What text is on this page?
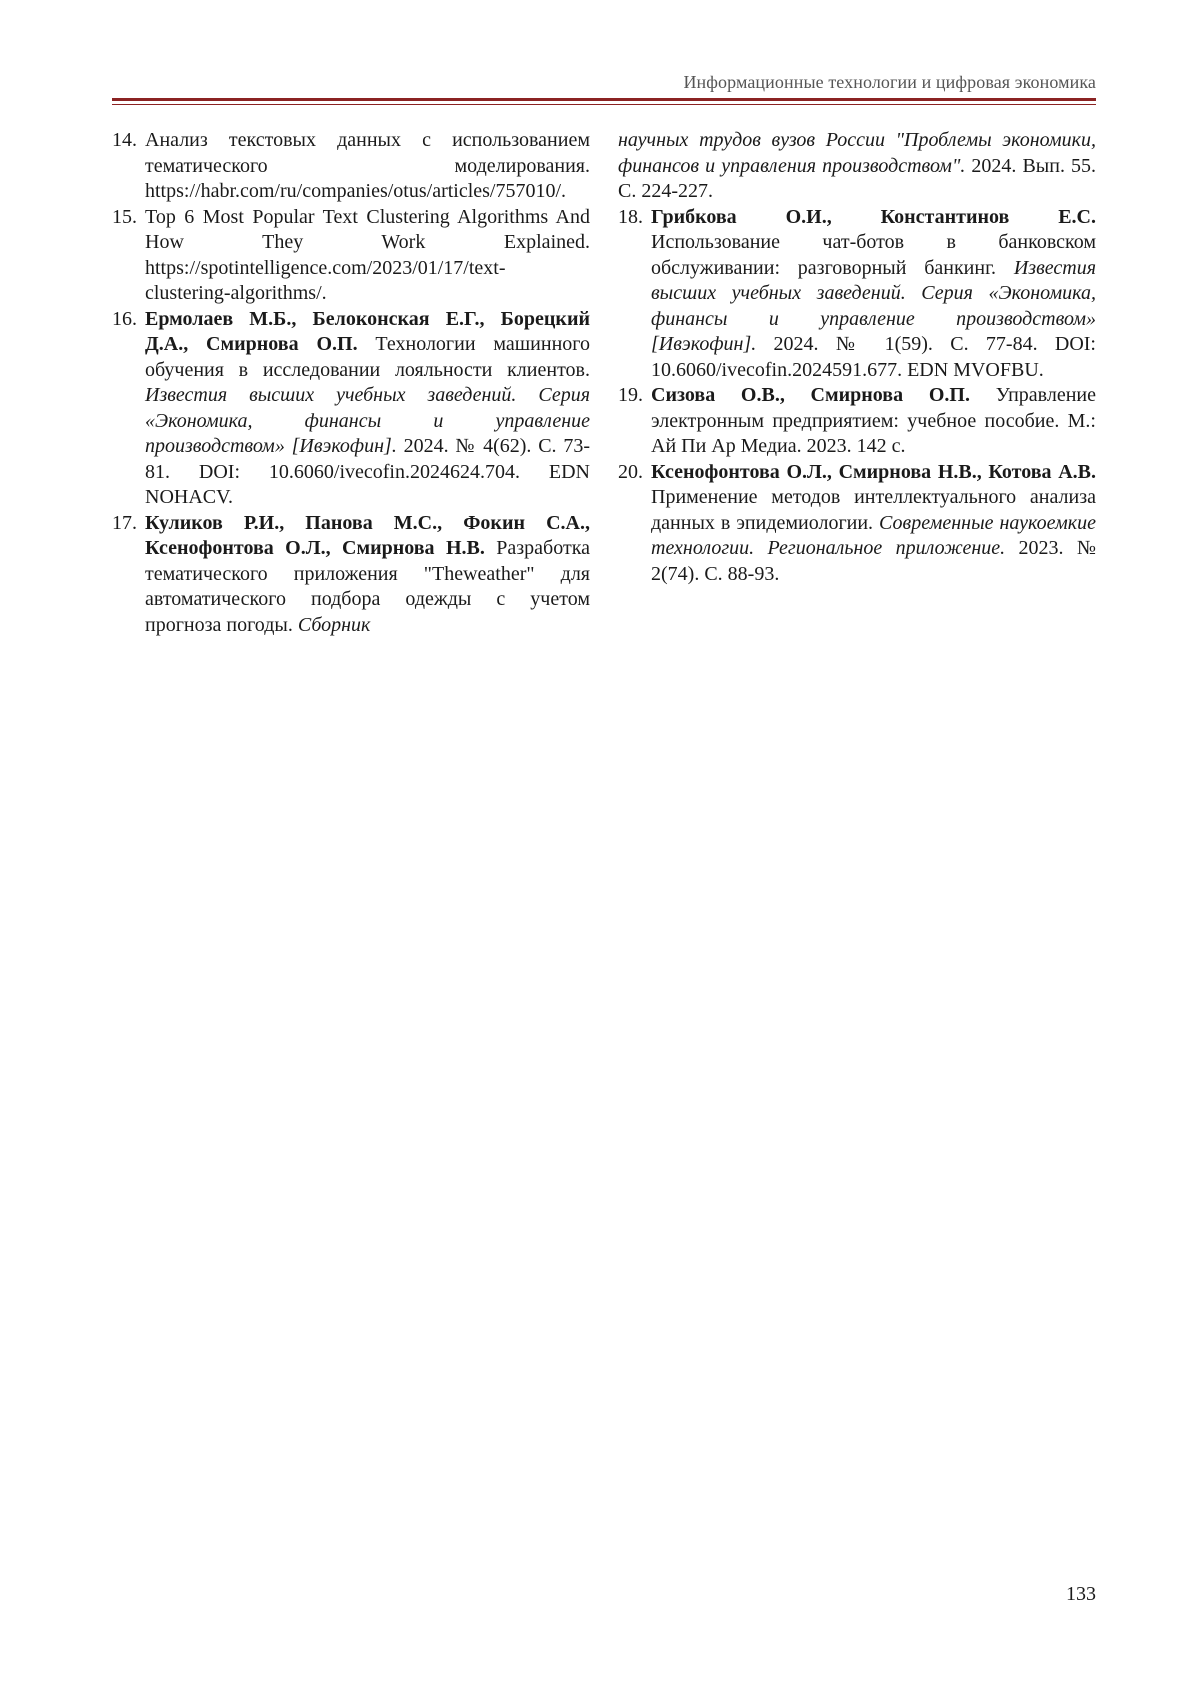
Информационные технологии и цифровая экономика
14. Анализ текстовых данных с использованием тематического моделирования. https://habr.com/ru/companies/otus/articles/757010/.
15. Top 6 Most Popular Text Clustering Algorithms And How They Work Explained. https://spotintelligence.com/2023/01/17/text-clustering-algorithms/.
16. Ермолаев М.Б., Белоконская Е.Г., Борецкий Д.А., Смирнова О.П. Технологии машинного обучения в исследовании лояльности клиентов. Известия высших учебных заведений. Серия «Экономика, финансы и управление производством» [Ивэкофин]. 2024. № 4(62). С. 73-81. DOI: 10.6060/ivecofin.2024624.704. EDN NOHACV.
17. Куликов Р.И., Панова М.С., Фокин С.А., Ксенофонтова О.Л., Смирнова Н.В. Разработка тематического приложения "Theweather" для автоматического подбора одежды с учетом прогноза погоды. Сборник
научных трудов вузов России "Проблемы экономики, финансов и управления производством". 2024. Вып. 55. С. 224-227.
18. Грибкова О.И., Константинов Е.С. Использование чат-ботов в банковском обслуживании: разговорный банкинг. Известия высших учебных заведений. Серия «Экономика, финансы и управление производством» [Ивэкофин]. 2024. № 1(59). С. 77-84. DOI: 10.6060/ivecofin.2024591.677. EDN MVOFBU.
19. Сизова О.В., Смирнова О.П. Управление электронным предприятием: учебное пособие. М.: Ай Пи Ар Медиа. 2023. 142 с.
20. Ксенофонтова О.Л., Смирнова Н.В., Котова А.В. Применение методов интеллектуального анализа данных в эпидемиологии. Современные наукоемкие технологии. Региональное приложение. 2023. № 2(74). С. 88-93.
133
